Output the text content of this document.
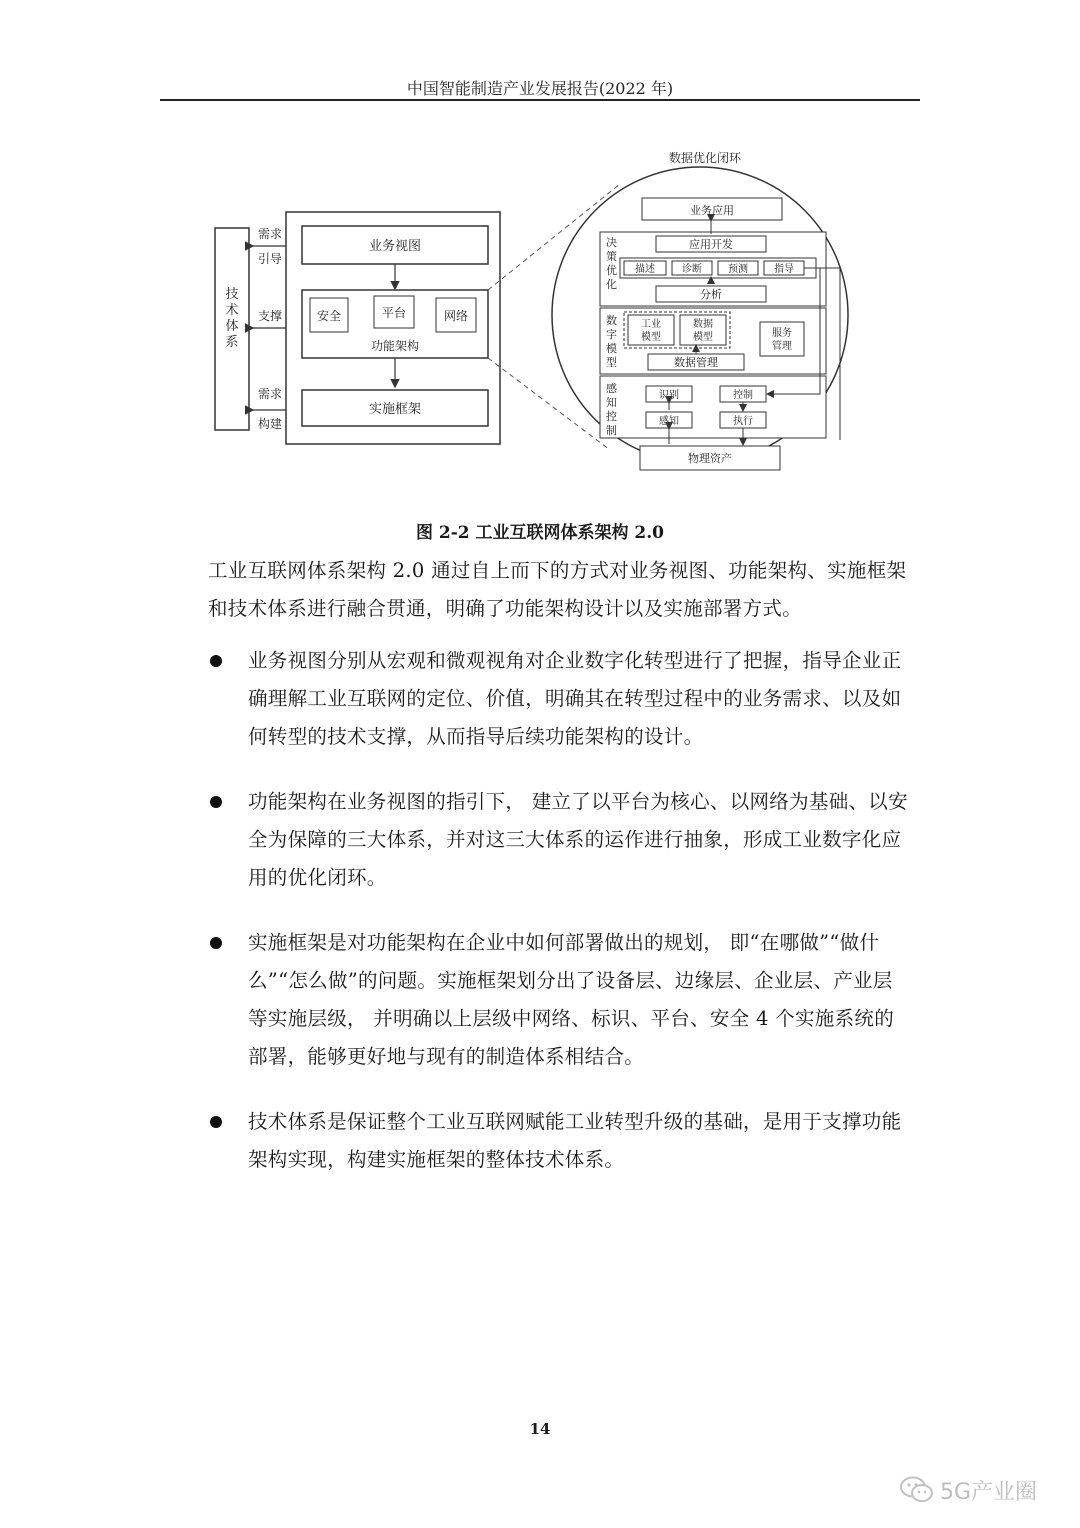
中国智能制造产业发展报告(2022 年)
技术体系
需求
引导
支撑
需求
构建
业务视图
安全	平台	网络
功能架构
实施框架
数据优化闭环
业务应用
决策优化
应用开发
描述	诊断	预测	指导
分析
数字模型
工业模型
数据模型	服务管理
数据管理
感知控制
识别	控制
感知	执行
物理资产
图 2-2 工业互联网体系架构 2.0
工业互联网体系架构 2.0 通过自上而下的方式对业务视图、功能架构、实施框架和技术体系进行融合贯通，明确了功能架构设计以及实施部署方式。
业务视图分别从宏观和微观视角对企业数字化转型进行了把握，指导企业正确理解工业互联网的定位、价值，明确其在转型过程中的业务需求、以及如何转型的技术支撑，从而指导后续功能架构的设计。
功能架构在业务视图的指引下， 建立了以平台为核心、以网络为基础、以安全为保障的三大体系，并对这三大体系的运作进行抽象，形成工业数字化应用的优化闭环。
实施框架是对功能架构在企业中如何部署做出的规划， 即“在哪做”“做什么”“怎么做”的问题。实施框架划分出了设备层、边缘层、企业层、产业层等实施层级， 并明确以上层级中网络、标识、平台、安全 4 个实施系统的部署，能够更好地与现有的制造体系相结合。
技术体系是保证整个工业互联网赋能工业转型升级的基础，是用于支撑功能架构实现，构建实施框架的整体技术体系。
14
5G产业圈
